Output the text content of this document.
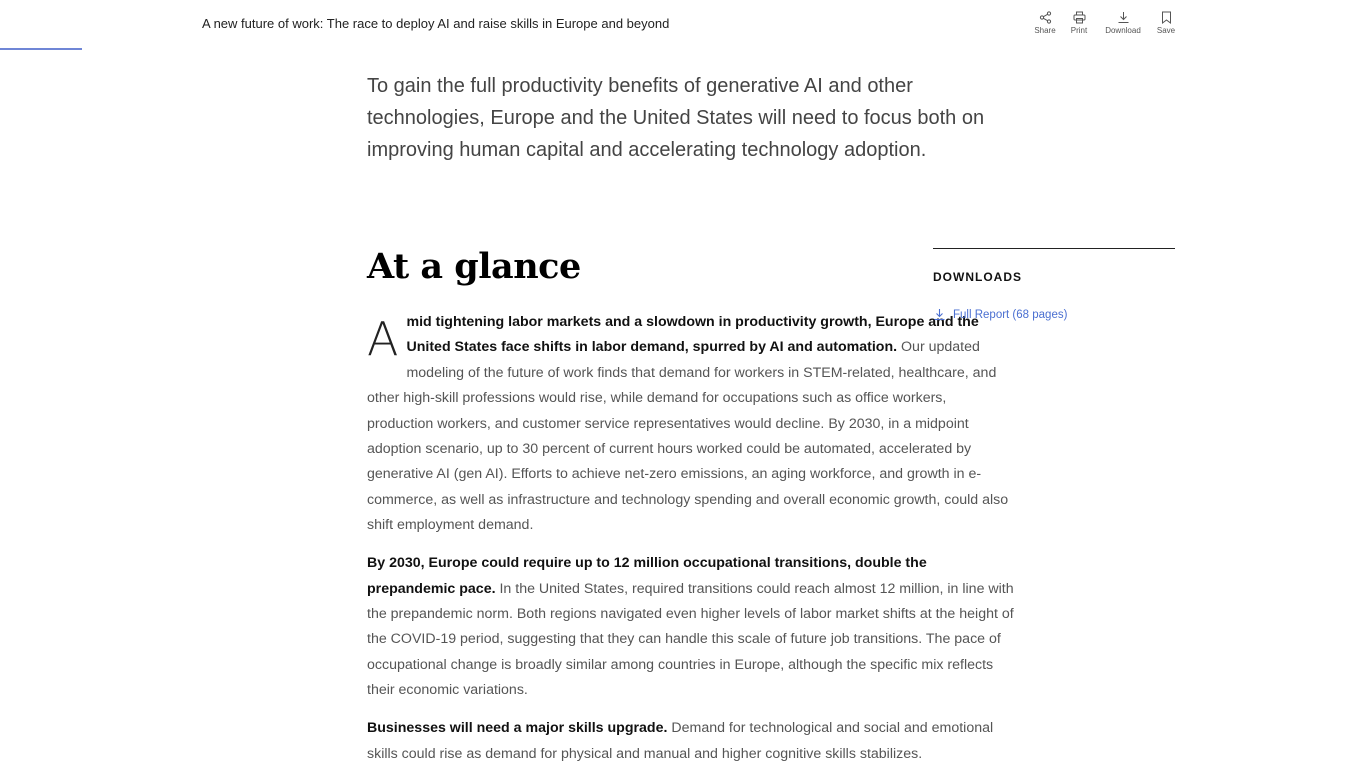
A new future of work: The race to deploy AI and raise skills in Europe and beyond	Share Print Download Save
To gain the full productivity benefits of generative AI and other technologies, Europe and the United States will need to focus both on improving human capital and accelerating technology adoption.
At a glance

Amid tightening labor markets and a slowdown in productivity growth, Europe and the United States face shifts in labor demand, spurred by AI and automation. Our updated modeling of the future of work finds that demand for workers in STEM-related, healthcare, and other high-skill professions would rise, while demand for occupations such as office workers, production workers, and customer service representatives would decline. By 2030, in a midpoint adoption scenario, up to 30 percent of current hours worked could be automated, accelerated by generative AI (gen AI). Efforts to achieve net-zero emissions, an aging workforce, and growth in e-commerce, as well as infrastructure and technology spending and overall economic growth, could also shift employment demand.

By 2030, Europe could require up to 12 million occupational transitions, double the prepandemic pace. In the United States, required transitions could reach almost 12 million, in line with the prepandemic norm. Both regions navigated even higher levels of labor market shifts at the height of the COVID-19 period, suggesting that they can handle this scale of future job transitions. The pace of occupational change is broadly similar among countries in Europe, although the specific mix reflects their economic variations.

Businesses will need a major skills upgrade. Demand for technological and social and emotional skills could rise as demand for physical and manual and higher cognitive skills stabilizes.

DOWNLOADS
Full Report (68 pages)
